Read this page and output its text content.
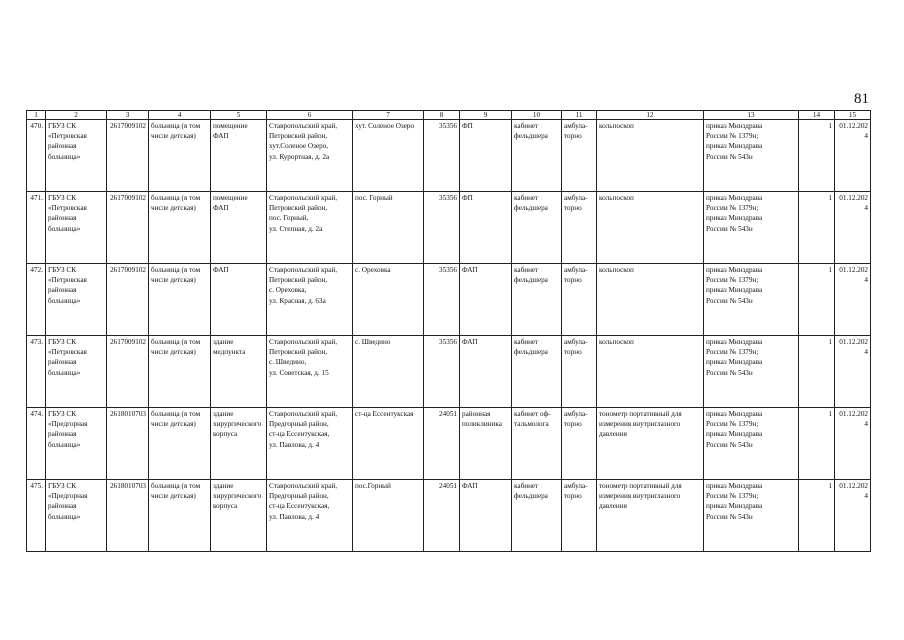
81
1	2	3	4	5	6	7	8	9	10	11	12	13	14	15
470.	ГБУЗ СК
«Петровская
районная
больница»	2617009102	больница (в том
числе детская)	помещение
ФАП	Ставропольский край,
Петровский район,
хут.Соленое Озеро,
ул. Курортная, д. 2а	хут. Соленое Озеро	35356	ФП	кабинет
фельдшера	амбула-
торно	кольпоскоп	приказ Минздрава
России № 1379н;
приказ Минздрава
России № 543н	1	01.12.2024
471.	ГБУЗ СК
«Петровская
районная
больница»	2617009102	больница (в том
числе детская)	помещение
ФАП	Ставропольский край,
Петровский район,
пос. Горный,
ул. Степная, д. 2а	пос. Горный	35356	ФП	кабинет
фельдшера	амбула-
торно	кольпоскоп	приказ Минздрава
России № 1379н;
приказ Минздрава
России № 543н	1	01.12.2024
472.	ГБУЗ СК
«Петровская
районная
больница»	2617009102	больница (в том
числе детская)	ФАП	Ставропольский край,
Петровский район,
с. Ореховка,
ул. Красная, д. 63а	с. Ореховка	35356	ФАП	кабинет
фельдшера	амбула-
торно	кольпоскоп	приказ Минздрава
России № 1379н;
приказ Минздрава
России № 543н	1	01.12.2024
473.	ГБУЗ СК
«Петровская
районная
больница»	2617009102	больница (в том
числе детская)	здание
медпункта	Ставропольский край,
Петровский район,
с. Шведино,
ул. Советская, д. 15	с. Шведино	35356	ФАП	кабинет
фельдшера	амбула-
торно	кольпоскоп	приказ Минздрава
России № 1379н;
приказ Минздрава
России № 543н	1	01.12.2024
474.	ГБУЗ СК
«Предгорная
районная
больница»	2618010703	больница (в том
числе детская)	здание
хирургического
корпуса	Ставропольский край,
Предгорный район,
ст-ца Ессентукская,
ул. Павлова, д. 4	ст-ца Ессентукская	24051	районная
поликлиника	кабинет оф-
тальмолога	амбула-
торно	тонометр портативный для
измерения внутриглазного
давления	приказ Минздрава
России № 1379н;
приказ Минздрава
России № 543н	1	01.12.2024
475.	ГБУЗ СК
«Предгорная
районная
больница»	2618010703	больница (в том
числе детская)	здание
хирургического
корпуса	Ставропольский край,
Предгорный район,
ст-ца Ессентукская,
ул. Павлова, д. 4	пос.Горный	24051	ФАП	кабинет
фельдшера	амбула-
торно	тонометр портативный для
измерения внутриглазного
давления	приказ Минздрава
России № 1379н;
приказ Минздрава
России № 543н	1	01.12.2024
